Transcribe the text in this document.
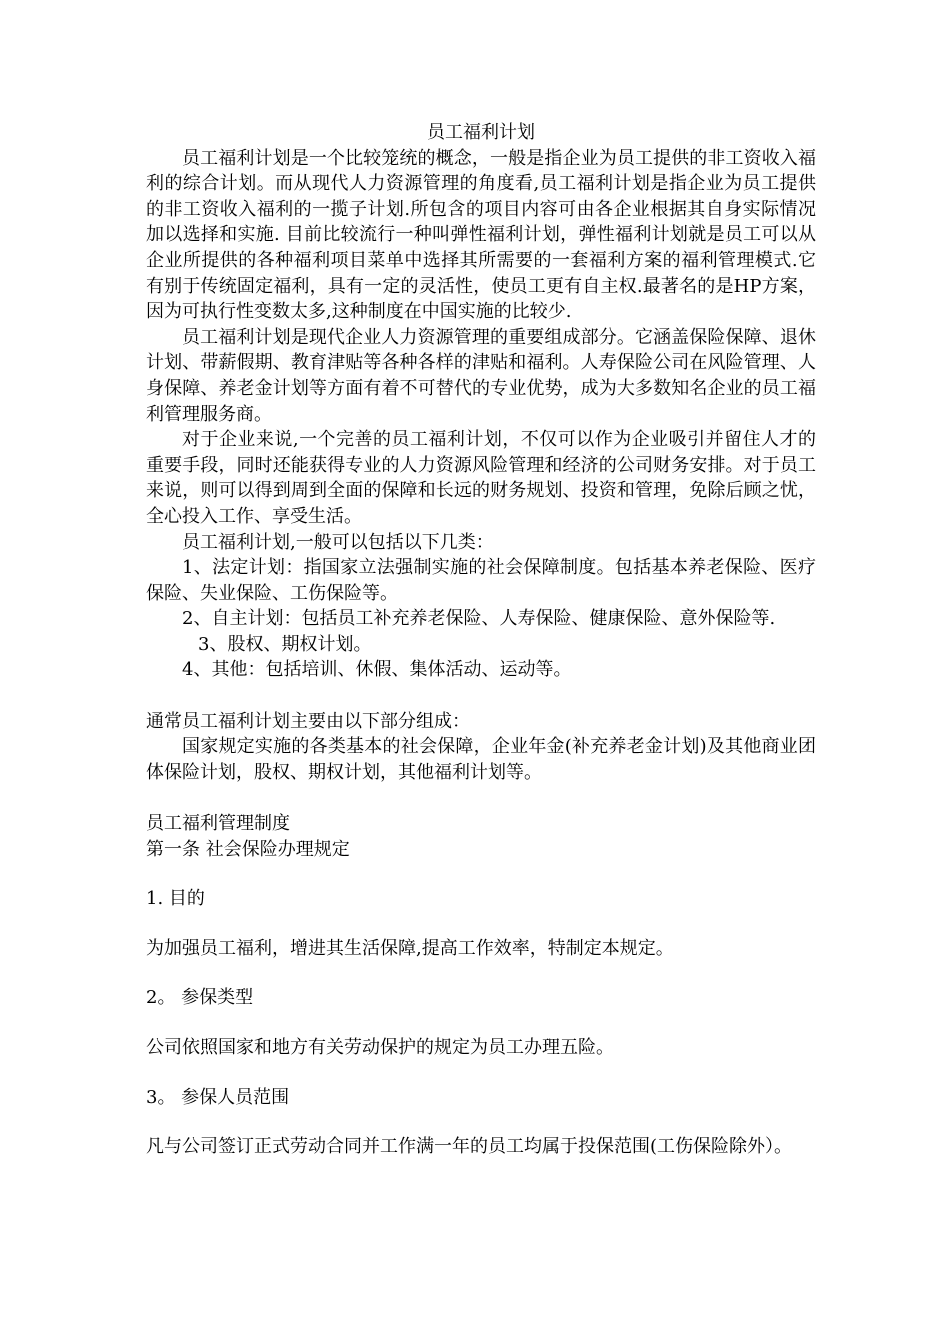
员工福利计划

员工福利计划是一个比较笼统的概念，一般是指企业为员工提供的非工资收入福利的综合计划。而从现代人力资源管理的角度看,员工福利计划是指企业为员工提供的非工资收入福利的一揽子计划.所包含的项目内容可由各企业根据其自身实际情况加以选择和实施. 目前比较流行一种叫弹性福利计划，弹性福利计划就是员工可以从企业所提供的各种福利项目菜单中选择其所需要的一套福利方案的福利管理模式.它有别于传统固定福利，具有一定的灵活性，使员工更有自主权.最著名的是HP方案，因为可执行性变数太多,这种制度在中国实施的比较少.

员工福利计划是现代企业人力资源管理的重要组成部分。它涵盖保险保障、退休计划、带薪假期、教育津贴等各种各样的津贴和福利。人寿保险公司在风险管理、人身保障、养老金计划等方面有着不可替代的专业优势，成为大多数知名企业的员工福利管理服务商。

对于企业来说,一个完善的员工福利计划，不仅可以作为企业吸引并留住人才的重要手段，同时还能获得专业的人力资源风险管理和经济的公司财务安排。对于员工来说，则可以得到周到全面的保障和长远的财务规划、投资和管理，免除后顾之忧，全心投入工作、享受生活。

员工福利计划,一般可以包括以下几类：

1、法定计划：指国家立法强制实施的社会保障制度。包括基本养老保险、医疗保险、失业保险、工伤保险等。

2、自主计划：包括员工补充养老保险、人寿保险、健康保险、意外保险等.

3、股权、期权计划。

4、其他：包括培训、休假、集体活动、运动等。

通常员工福利计划主要由以下部分组成：

国家规定实施的各类基本的社会保障，企业年金(补充养老金计划)及其他商业团体保险计划，股权、期权计划，其他福利计划等。

员工福利管理制度

第一条 社会保险办理规定

1. 目的

为加强员工福利，增进其生活保障,提高工作效率，特制定本规定。

2。 参保类型

公司依照国家和地方有关劳动保护的规定为员工办理五险。

3。 参保人员范围

凡与公司签订正式劳动合同并工作满一年的员工均属于投保范围(工伤保险除外）。
